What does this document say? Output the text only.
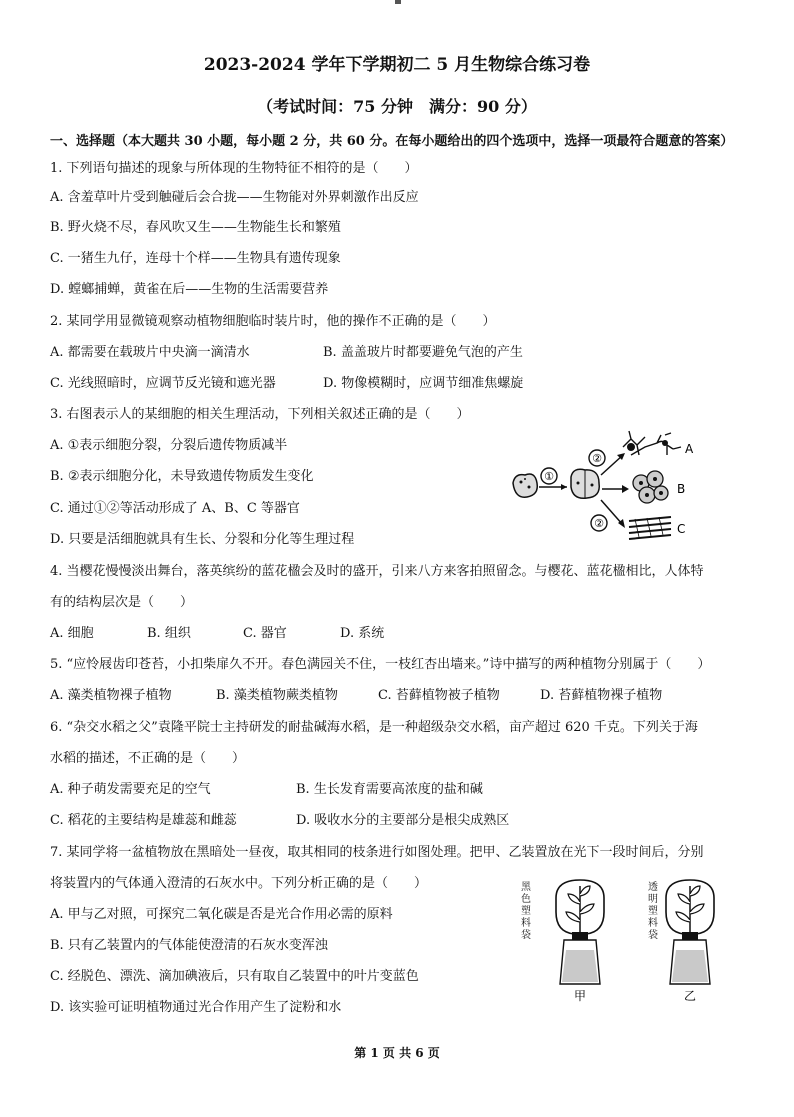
2023-2024 学年下学期初二 5 月生物综合练习卷
（考试时间：75 分钟　满分：90 分）
一、选择题（本大题共 30 小题，每小题 2 分，共 60 分。在每小题给出的四个选项中，选择一项最符合题意的答案）
1. 下列语句描述的现象与所体现的生物特征不相符的是（　　）
A. 含羞草叶片受到触碰后会合拢——生物能对外界刺激作出反应
B. 野火烧不尽，春风吹又生——生物能生长和繁殖
C. 一猪生九仔，连母十个样——生物具有遗传现象
D. 螳螂捕蝉，黄雀在后——生物的生活需要营养
2. 某同学用显微镜观察动植物细胞临时装片时，他的操作不正确的是（　　）
A. 都需要在载玻片中央滴一滴清水	B. 盖盖玻片时都要避免气泡的产生
C. 光线照暗时，应调节反光镜和遮光器	D. 物像模糊时，应调节细准焦螺旋
3. 右图表示人的某细胞的相关生理活动，下列相关叙述正确的是（　　）
A. ①表示细胞分裂，分裂后遗传物质减半
B. ②表示细胞分化，未导致遗传物质发生变化
C. 通过①②等活动形成了 A、B、C 等器官
D. 只要是活细胞就具有生长、分裂和分化等生理过程
①
②
②
A
B
C
4. 当樱花慢慢淡出舞台，落英缤纷的蓝花楹会及时的盛开，引来八方来客拍照留念。与樱花、蓝花楹相比，人体特
有的结构层次是（　　）
A. 细胞	B. 组织	C. 器官	D. 系统
5. “应怜屐齿印苍苔，小扣柴扉久不开。春色满园关不住，一枝红杏出墙来。”诗中描写的两种植物分别属于（　　）
A. 藻类植物裸子植物	B. 藻类植物蕨类植物	C. 苔藓植物被子植物	D. 苔藓植物裸子植物
6. “杂交水稻之父”袁隆平院士主持研发的耐盐碱海水稻，是一种超级杂交水稻，亩产超过 620 千克。下列关于海
水稻的描述，不正确的是（　　）
A. 种子萌发需要充足的空气	B. 生长发育需要高浓度的盐和碱
C. 稻花的主要结构是雄蕊和雌蕊	D. 吸收水分的主要部分是根尖成熟区
7. 某同学将一盆植物放在黑暗处一昼夜，取其相同的枝条进行如图处理。把甲、乙装置放在光下一段时间后，分别
将装置内的气体通入澄清的石灰水中。下列分析正确的是（　　）
A. 甲与乙对照，可探究二氧化碳是否是光合作用必需的原料
B. 只有乙装置内的气体能使澄清的石灰水变浑浊
C. 经脱色、漂洗、滴加碘液后，只有取自乙装置中的叶片变蓝色
D. 该实验可证明植物通过光合作用产生了淀粉和水
黑
色
塑
料
袋
透
明
塑
料
袋
甲	乙
第 1 页 共 6 页
